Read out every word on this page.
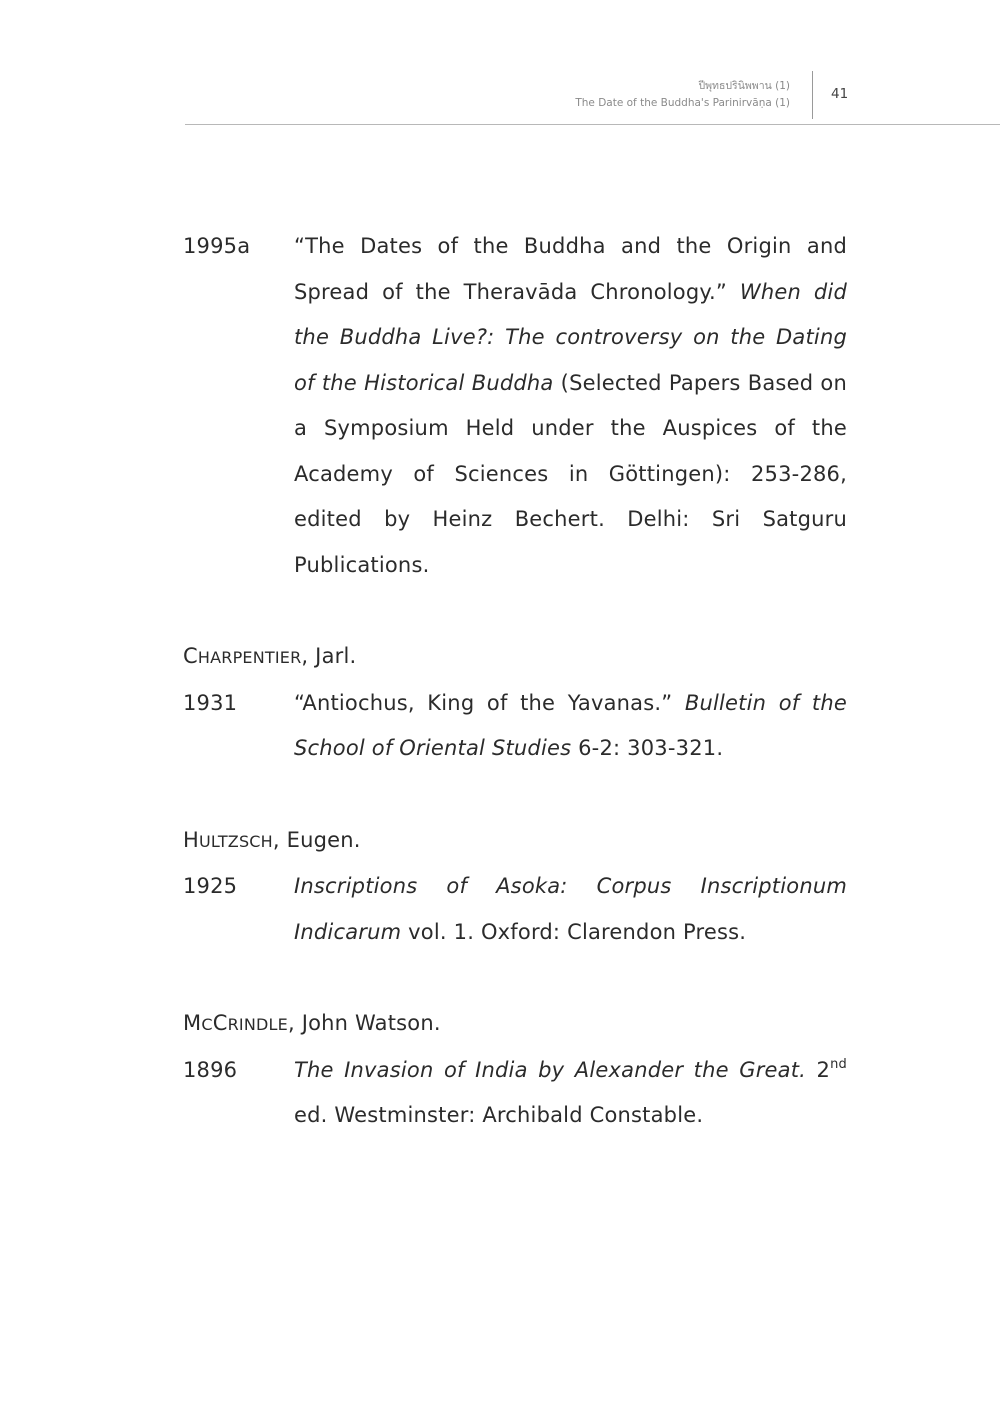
ปีพุทธปรินิพพาน (1)
The Date of the Buddha's Parinirvāṇa (1)
41
1995a	“The Dates of the Buddha and the Origin and Spread of the Theravāda Chronology.” When did the Buddha Live?: The controversy on the Dating of the Historical Buddha (Selected Papers Based on a Symposium Held under the Auspices of the Academy of Sciences in Göttingen): 253-286, edited by Heinz Bechert. Delhi: Sri Satguru Publications.
CHARPENTIER, Jarl.
1931	“Antiochus, King of the Yavanas.” Bulletin of the School of Oriental Studies 6-2: 303-321.
HULTZSCH, Eugen.
1925	Inscriptions of Asoka: Corpus Inscriptionum Indicarum vol. 1. Oxford: Clarendon Press.
MCCRINDLE, John Watson.
1896	The Invasion of India by Alexander the Great. 2nd ed. Westminster: Archibald Constable.
